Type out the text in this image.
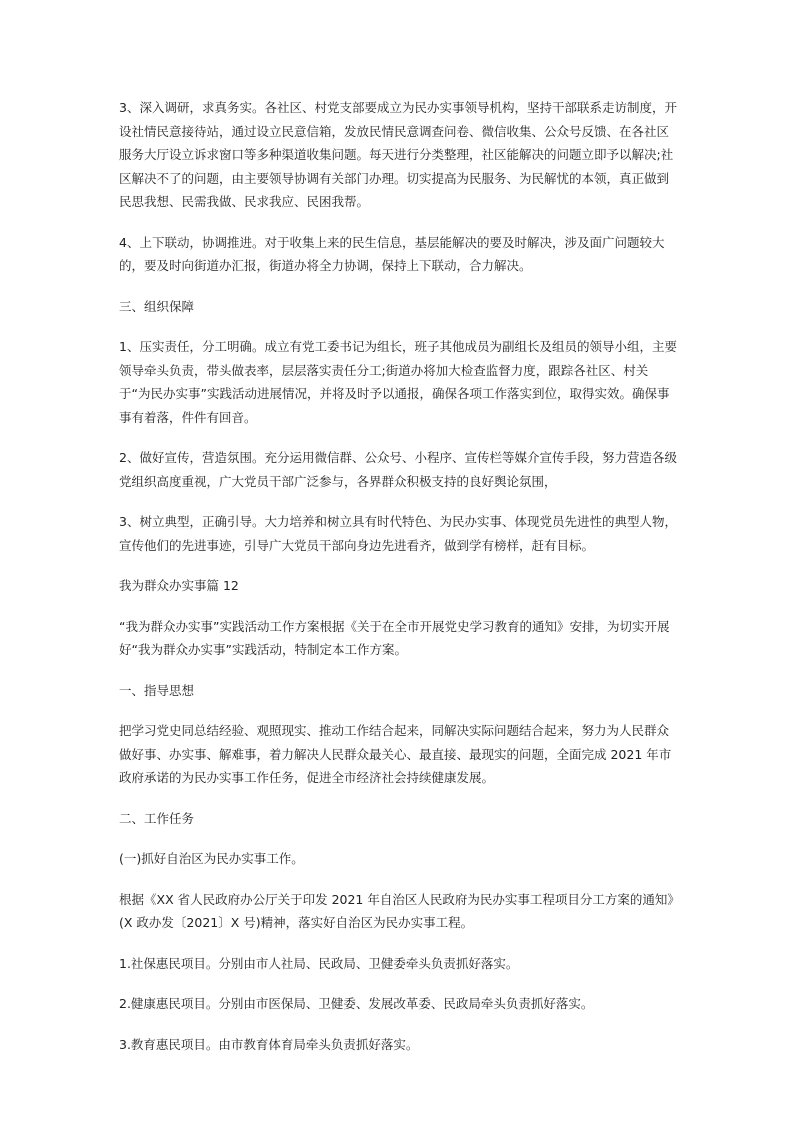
3、深入调研，求真务实。各社区、村党支部要成立为民办实事领导机构，坚持干部联系走访制度，开设社情民意接待站，通过设立民意信箱，发放民情民意调查问卷、微信收集、公众号反馈、在各社区服务大厅设立诉求窗口等多种渠道收集问题。每天进行分类整理，社区能解决的问题立即予以解决;社区解决不了的问题，由主要领导协调有关部门办理。切实提高为民服务、为民解忧的本领，真正做到民思我想、民需我做、民求我应、民困我帮。

4、上下联动，协调推进。对于收集上来的民生信息，基层能解决的要及时解决，涉及面广问题较大的，要及时向街道办汇报，街道办将全力协调，保持上下联动，合力解决。

三、组织保障

1、压实责任，分工明确。成立有党工委书记为组长，班子其他成员为副组长及组员的领导小组，主要领导牵头负责，带头做表率，层层落实责任分工;街道办将加大检查监督力度，跟踪各社区、村关于“为民办实事”实践活动进展情况，并将及时予以通报，确保各项工作落实到位，取得实效。确保事事有着落，件件有回音。

2、做好宣传，营造氛围。充分运用微信群、公众号、小程序、宣传栏等媒介宣传手段，努力营造各级党组织高度重视，广大党员干部广泛参与，各界群众积极支持的良好舆论氛围，

3、树立典型，正确引导。大力培养和树立具有时代特色、为民办实事、体现党员先进性的典型人物，宣传他们的先进事迹，引导广大党员干部向身边先进看齐，做到学有榜样，赶有目标。

我为群众办实事篇 12

“我为群众办实事”实践活动工作方案根据《关于在全市开展党史学习教育的通知》安排，为切实开展好“我为群众办实事”实践活动，特制定本工作方案。

一、指导思想

把学习党史同总结经验、观照现实、推动工作结合起来，同解决实际问题结合起来，努力为人民群众做好事、办实事、解难事，着力解决人民群众最关心、最直接、最现实的问题，全面完成 2021 年市政府承诺的为民办实事工作任务，促进全市经济社会持续健康发展。

二、工作任务

(一)抓好自治区为民办实事工作。

根据《XX 省人民政府办公厅关于印发 2021 年自治区人民政府为民办实事工程项目分工方案的通知》(X 政办发〔2021〕X 号)精神，落实好自治区为民办实事工程。

1.社保惠民项目。分别由市人社局、民政局、卫健委牵头负责抓好落实。

2.健康惠民项目。分别由市医保局、卫健委、发展改革委、民政局牵头负责抓好落实。

3.教育惠民项目。由市教育体育局牵头负责抓好落实。
